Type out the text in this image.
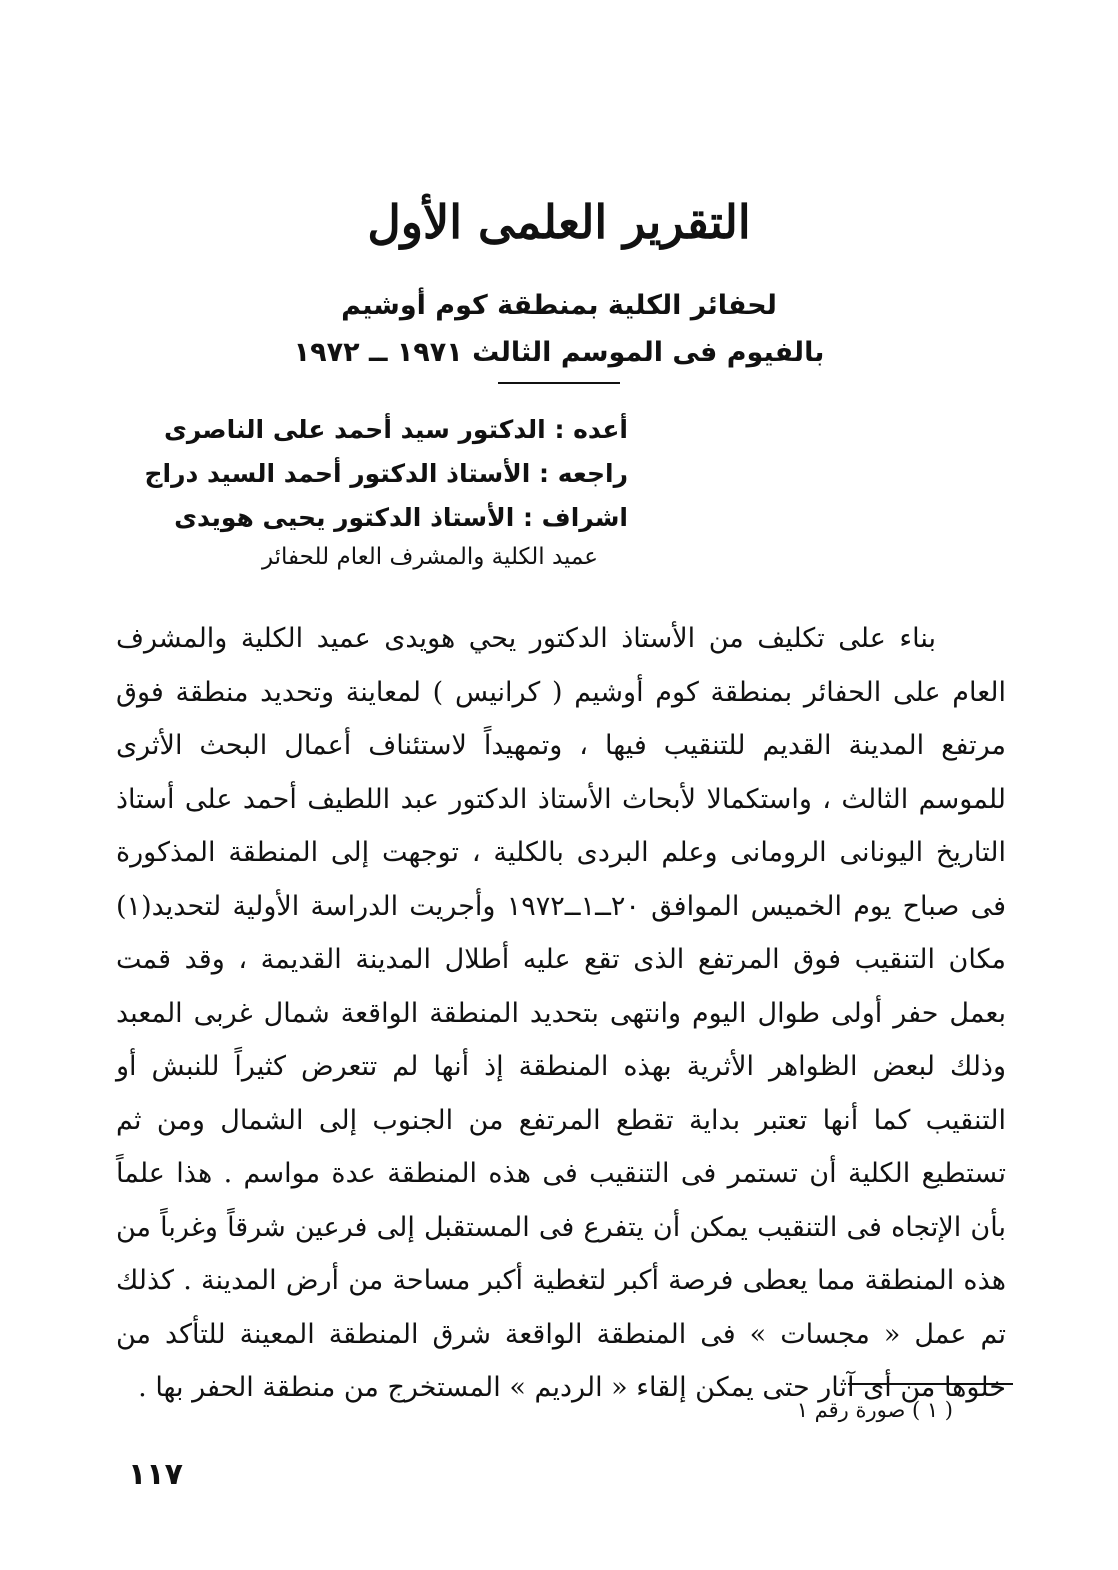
التقرير العلمى الأول
لحفائر الكلية بمنطقة كوم أوشيم
بالفيوم فى الموسم الثالث ١٩٧١ ــ ١٩٧٢
أعده : الدكتور سيد أحمد على الناصرى
راجعه : الأستاذ الدكتور أحمد السيد دراج
اشراف : الأستاذ الدكتور يحيى هويدى
عميد الكلية والمشرف العام للحفائر

بناء على تكليف من الأستاذ الدكتور يحي هويدى عميد الكلية والمشرف العام على الحفائر بمنطقة كوم أوشيم ( كرانيس ) لمعاينة وتحديد منطقة فوق مرتفع المدينة القديم للتنقيب فيها ، وتمهيداً لاستئناف أعمال البحث الأثرى للموسم الثالث ، واستكمالا لأبحاث الأستاذ الدكتور عبد اللطيف أحمد على أستاذ التاريخ اليونانى الرومانى وعلم البردى بالكلية ، توجهت إلى المنطقة المذكورة فى صباح يوم الخميس الموافق ٢٠ــ١ــ١٩٧٢ وأجريت الدراسة الأولية لتحديد(١) مكان التنقيب فوق المرتفع الذى تقع عليه أطلال المدينة القديمة ، وقد قمت بعمل حفر أولى طوال اليوم وانتهى بتحديد المنطقة الواقعة شمال غربى المعبد وذلك لبعض الظواهر الأثرية بهذه المنطقة إذ أنها لم تتعرض كثيراً للنبش أو التنقيب كما أنها تعتبر بداية تقطع المرتفع من الجنوب إلى الشمال ومن ثم تستطيع الكلية أن تستمر فى التنقيب فى هذه المنطقة عدة مواسم . هذا علماً بأن الإتجاه فى التنقيب يمكن أن يتفرع فى المستقبل إلى فرعين شرقاً وغرباً من هذه المنطقة مما يعطى فرصة أكبر لتغطية أكبر مساحة من أرض المدينة . كذلك تم عمل « مجسات » فى المنطقة الواقعة شرق المنطقة المعينة للتأكد من خلوها من أى آثار حتى يمكن إلقاء « الرديم » المستخرج من منطقة الحفر بها .

( ١ ) صورة رقم ١
١١٧
